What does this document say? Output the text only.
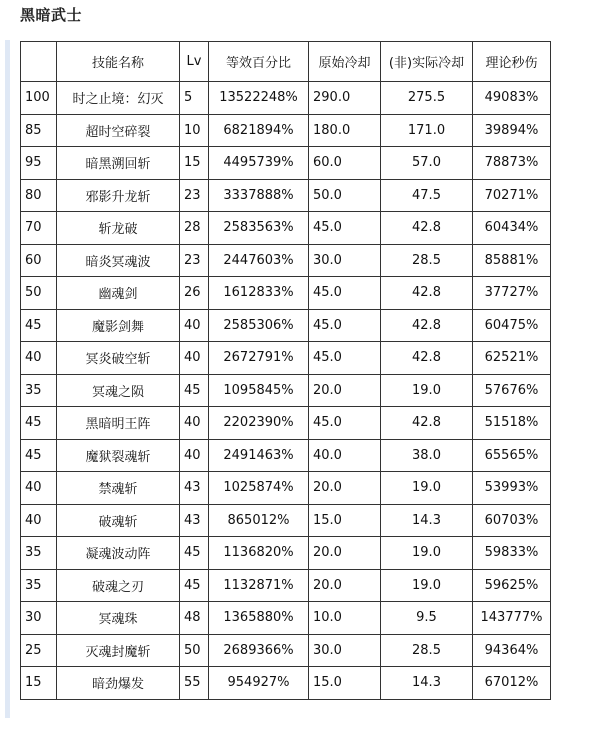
黑暗武士
	技能名称	Lv	等效百分比	原始冷却	(非)实际冷却	理论秒伤
100	时之止境：幻灭	5	13522248%	290.0	275.5	49083%
85	超时空碎裂	10	6821894%	180.0	171.0	39894%
95	暗黑溯回斩	15	4495739%	60.0	57.0	78873%
80	邪影升龙斩	23	3337888%	50.0	47.5	70271%
70	斩龙破	28	2583563%	45.0	42.8	60434%
60	暗炎冥魂波	23	2447603%	30.0	28.5	85881%
50	幽魂剑	26	1612833%	45.0	42.8	37727%
45	魔影剑舞	40	2585306%	45.0	42.8	60475%
40	冥炎破空斩	40	2672791%	45.0	42.8	62521%
35	冥魂之陨	45	1095845%	20.0	19.0	57676%
45	黑暗明王阵	40	2202390%	45.0	42.8	51518%
45	魔狱裂魂斩	40	2491463%	40.0	38.0	65565%
40	禁魂斩	43	1025874%	20.0	19.0	53993%
40	破魂斩	43	865012%	15.0	14.3	60703%
35	凝魂波动阵	45	1136820%	20.0	19.0	59833%
35	破魂之刃	45	1132871%	20.0	19.0	59625%
30	冥魂珠	48	1365880%	10.0	9.5	143777%
25	灭魂封魔斩	50	2689366%	30.0	28.5	94364%
15	暗劲爆发	55	954927%	15.0	14.3	67012%
